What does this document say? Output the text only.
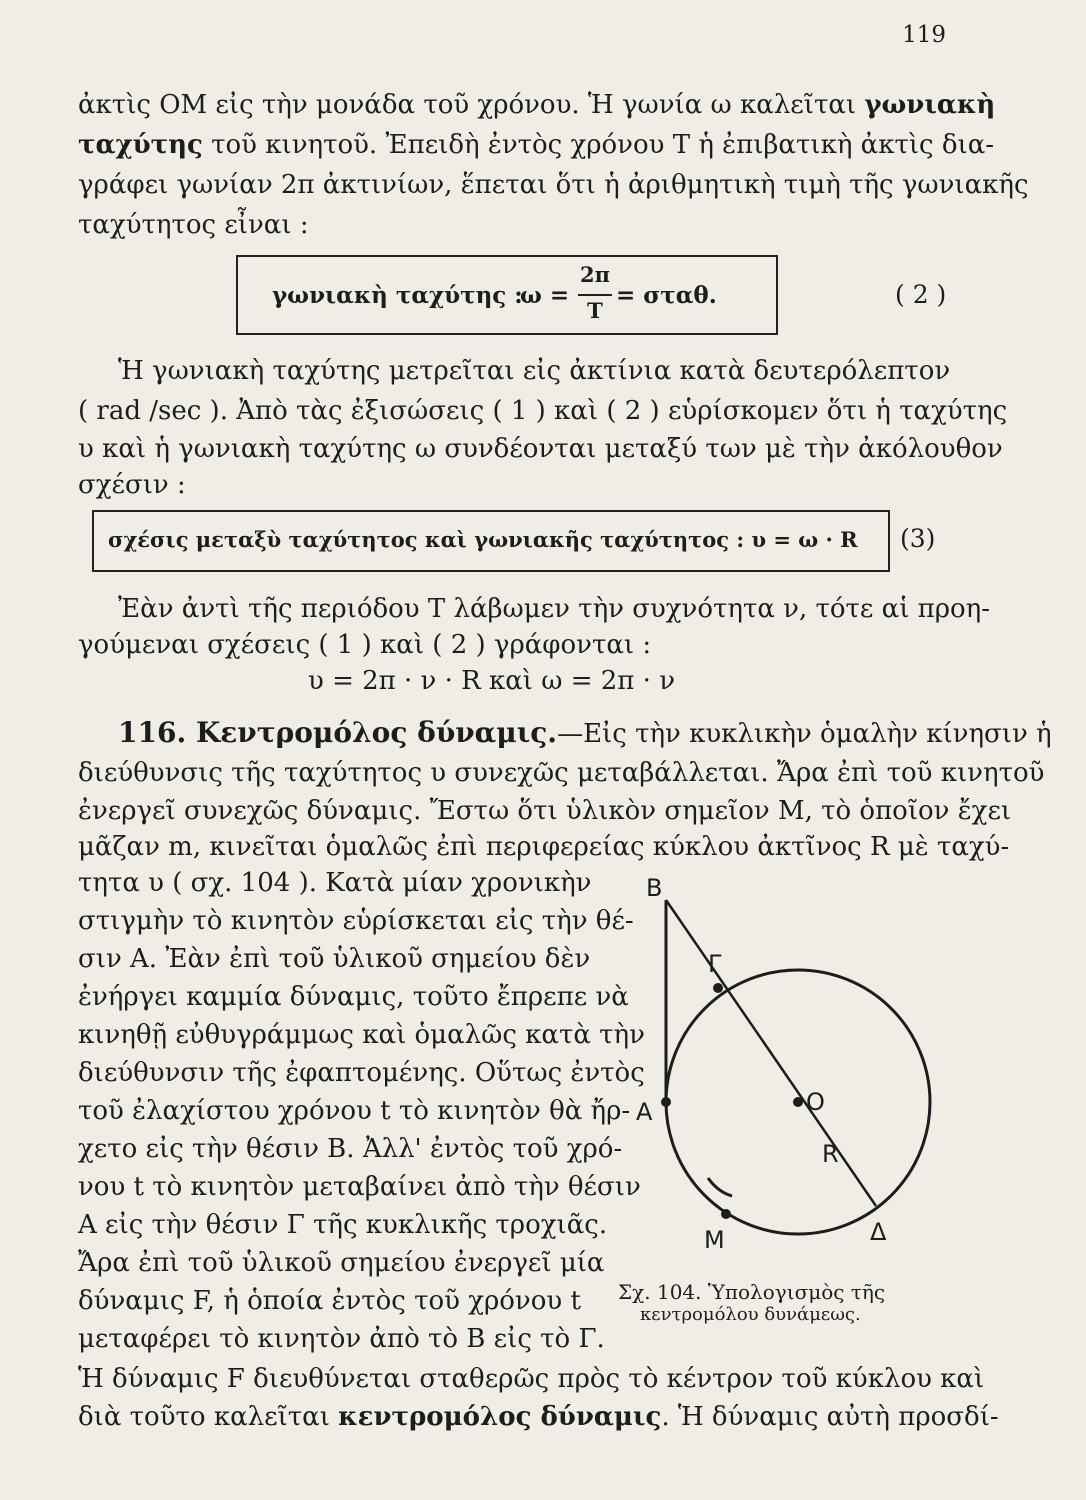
119
ἀκτὶς OM εἰς τὴν μονάδα τοῦ χρόνου. Ἡ γωνία ω καλεῖται γωνιακὴ
ταχύτης τοῦ κινητοῦ. Ἐπειδὴ ἐντὸς χρόνου T ἡ ἐπιβατικὴ ἀκτὶς δια-
γράφει γωνίαν 2π ἀκτινίων, ἕπεται ὅτι ἡ ἀριθμητικὴ τιμὴ τῆς γωνιακῆς
ταχύτητος εἶναι :
γωνιακὴ ταχύτης :
ω =
2π
T
= σταθ.	( 2 )
Ἡ γωνιακὴ ταχύτης μετρεῖται εἰς ἀκτίνια κατὰ δευτερόλεπτον
( rad /sec ). Ἀπὸ τὰς ἐξισώσεις ( 1 ) καὶ ( 2 ) εὑρίσκομεν ὅτι ἡ ταχύτης
υ καὶ ἡ γωνιακὴ ταχύτης ω συνδέονται μεταξύ των μὲ τὴν ἀκόλουθον
σχέσιν :
σχέσις μεταξὺ ταχύτητος καὶ γωνιακῆς ταχύτητος : υ = ω · R (3)
Ἐὰν ἀντὶ τῆς περιόδου T λάβωμεν τὴν συχνότητα ν, τότε αἱ προη-
γούμεναι σχέσεις ( 1 ) καὶ ( 2 ) γράφονται :
υ = 2π · ν · R καὶ ω = 2π · ν
116. Κεντρομόλος δύναμις.—Εἰς τὴν κυκλικὴν ὁμαλὴν κίνησιν ἡ
διεύθυνσις τῆς ταχύτητος υ συνεχῶς μεταβάλλεται. Ἄρα ἐπὶ τοῦ κινητοῦ
ἐνεργεῖ συνεχῶς δύναμις. Ἔστω ὅτι ὑλικὸν σημεῖον M, τὸ ὁποῖον ἔχει
μᾶζαν m, κινεῖται ὁμαλῶς ἐπὶ περιφερείας κύκλου ἀκτῖνος R μὲ ταχύ-
τητα υ ( σχ. 104 ). Κατὰ μίαν χρονικὴν
στιγμὴν τὸ κινητὸν εὑρίσκεται εἰς τὴν θέ-
σιν A. Ἐὰν ἐπὶ τοῦ ὑλικοῦ σημείου δὲν
ἐνήργει καμμία δύναμις, τοῦτο ἔπρεπε νὰ
κινηθῇ εὐθυγράμμως καὶ ὁμαλῶς κατὰ τὴν
διεύθυνσιν τῆς ἐφαπτομένης. Οὕτως ἐντὸς
τοῦ ἐλαχίστου χρόνου t τὸ κινητὸν θὰ ἤρ-
χετο εἰς τὴν θέσιν B. Ἀλλ' ἐντὸς τοῦ χρό-
νου t τὸ κινητὸν μεταβαίνει ἀπὸ τὴν θέσιν
A εἰς τὴν θέσιν Γ τῆς κυκλικῆς τροχιᾶς.
Ἄρα ἐπὶ τοῦ ὑλικοῦ σημείου ἐνεργεῖ μία
δύναμις F, ἡ ὁποία ἐντὸς τοῦ χρόνου t
μεταφέρει τὸ κινητὸν ἀπὸ τὸ B εἰς τὸ Γ.
Ἡ δύναμις F διευθύνεται σταθερῶς πρὸς τὸ κέντρον τοῦ κύκλου καὶ
διὰ τοῦτο καλεῖται κεντρομόλος δύναμις. Ἡ δύναμις αὐτὴ προσδί-
B
Γ
A	O
R
M	Δ
Σχ. 104. Ὑπολογισμὸς τῆς
κεντρομόλου δυνάμεως.
